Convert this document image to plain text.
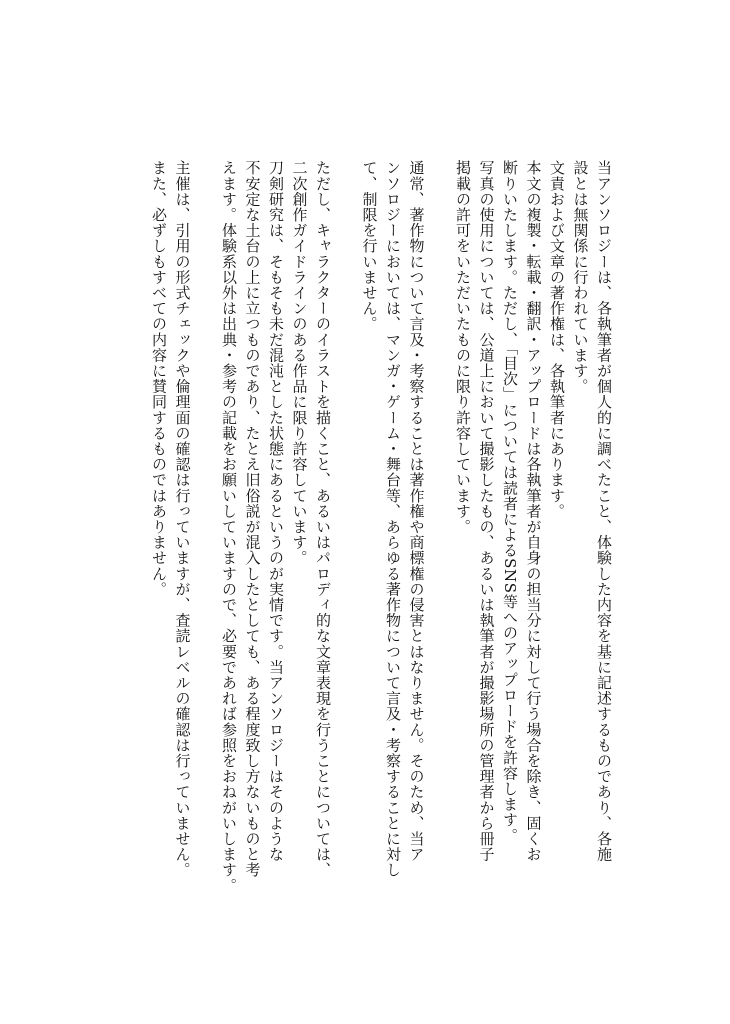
当アンソロジーは、各執筆者が個人的に調べたこと、体験した内容を基に記述するものであり、各施
設とは無関係に行われています。

文責および文章の著作権は、各執筆者にあります。

本文の複製・転載・翻訳・アップロードは各執筆者が自身の担当分に対して行う場合を除き、固くお
断りいたします。ただし、「目次」については読者によるSNS等へのアップロードを許容します。

写真の使用については、公道上において撮影したもの、あるいは執筆者が撮影場所の管理者から冊子
掲載の許可をいただいたものに限り許容しています。

通常、著作物について言及・考察することは著作権や商標権の侵害とはなりません。そのため、当ア
ンソロジーにおいては、マンガ・ゲーム・舞台等、あらゆる著作物について言及・考察することに対し
て、制限を行いません。

ただし、キャラクターのイラストを描くこと、あるいはパロディ的な文章表現を行うことについては、
二次創作ガイドラインのある作品に限り許容しています。

刀剣研究は、そもそも未だ混沌とした状態にあるというのが実情です。当アンソロジーはそのような
不安定な土台の上に立つものであり、たとえ旧俗説が混入したとしても、ある程度致し方ないものと考
えます。体験系以外は出典・参考の記載をお願いしていますので、必要であれば参照をおねがいします。

主催は、引用の形式チェックや倫理面の確認は行っていますが、査読レベルの確認は行っていません。
また、必ずしもすべての内容に賛同するものではありません。
